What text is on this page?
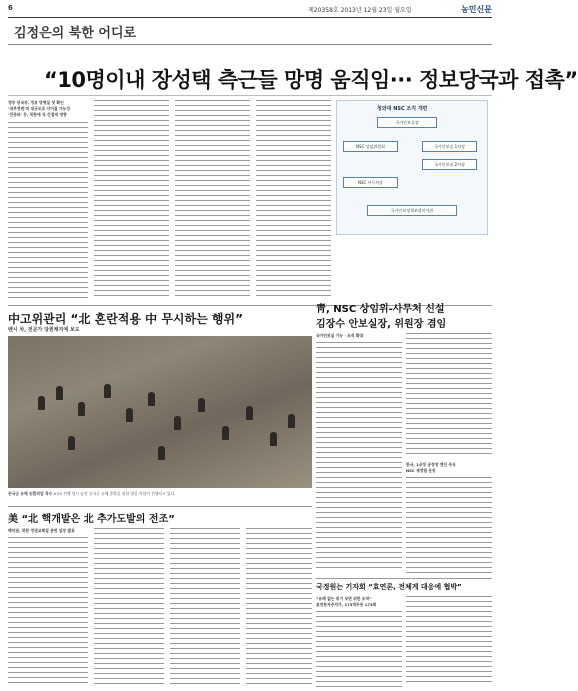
6	제20358호 2013년 12월 23일 월요일	농민신문
김정은의 북한 어디로
“10명이내 장성택 측근들 망명 움직임··· 정보당국과 접촉”
정부 당국자, 정보 망명설 첫 확인
‘내부정변’의 대규모로 이어질 가능성
‘친중파’ 등, 북한에 직·간접적 영향
청와대 NSC 조직 개편
국가안보실장
NSC 상임위원회	국가안보실 1차장
국가안보실 2차장
NSC 사무처장
국가안보정책조정비서관
中고위관리 “北 혼란적용 中 무시하는 행위”
벤시 차, 전문가 당원채지에 보도
靑, NSC 상임위-사무처 신설
김장수 안보실장, 위원장 겸임
국가안보실 기능 · 조직 확대
한국, 1공장 공장장 엔진 주식
NSC 재정립 운동
중국군 유해 송환작업 착수 6·25 전쟁 당시 숨진 중국군 유해 송환을 위한 발굴 작업이 진행되고 있다.
美 “北 핵개발은 北 추가도발의 전조”
백악관, 북한 정권교체설 관련 입장 발표
국정원는 기자회 “효연론, 전체게 대응에 협박”
“유례 없는 위기 모면 위한 조처”
효연론자주지가, 173개주중 173회
